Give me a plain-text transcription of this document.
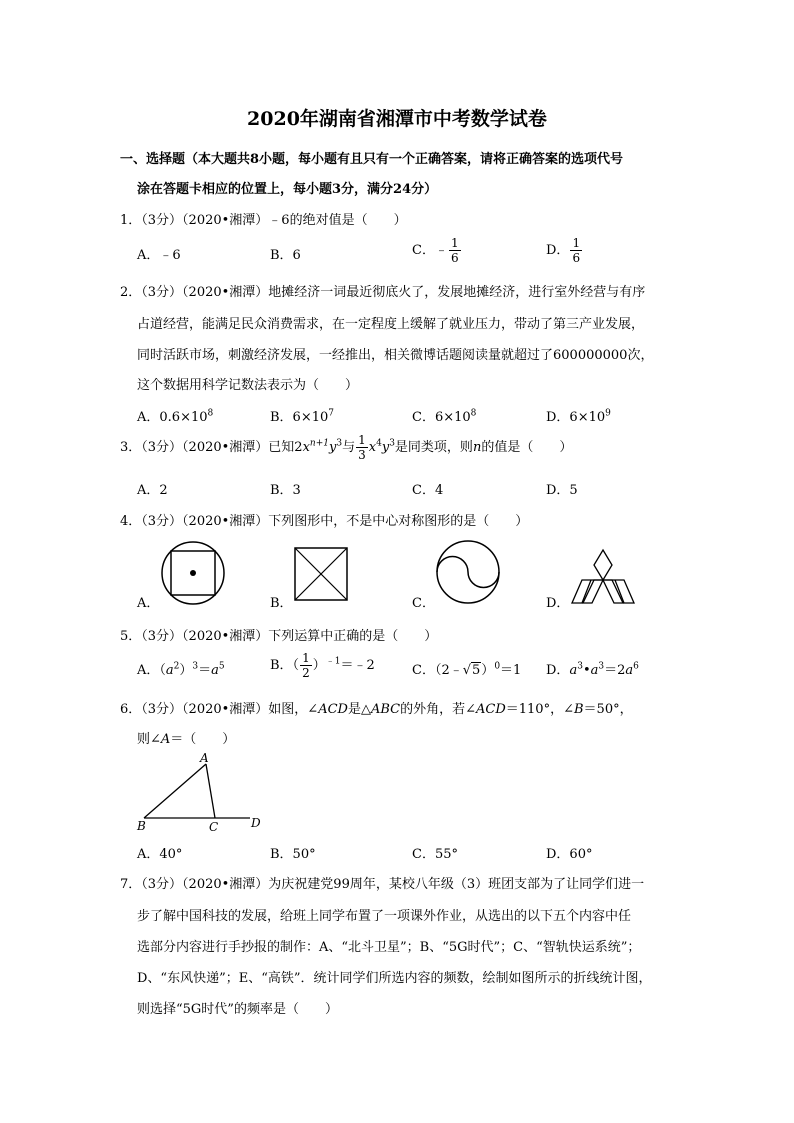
2020年湖南省湘潭市中考数学试卷
一、选择题（本大题共8小题，每小题有且只有一个正确答案，请将正确答案的选项代号
涂在答题卡相应的位置上，每小题3分，满分24分）
1．（3分）（2020•湘潭）﹣6的绝对值是（　　）
A．﹣6	B．6	C．﹣ $\frac{1}{6}$	D． $\frac{1}{6}$
2．（3分）（2020•湘潭）地摊经济一词最近彻底火了，发展地摊经济，进行室外经营与有序
占道经营，能满足民众消费需求，在一定程度上缓解了就业压力，带动了第三产业发展，
同时活跃市场，刺激经济发展，一经推出，相关微博话题阅读量就超过了600000000次，
这个数据用科学记数法表示为（　　）
A．$0.6\times 10^8$	B．$6\times 10^7$	C．$6\times 10^8$	D．$6\times 10^9$
3．（3分）（2020•湘潭）已知$2x^{n+1}y^3$与 $\frac{1}{3} x^4y^3$是同类项，则n的值是（　　）
A．2	B．3	C．4	D．5
4．（3分）（2020•湘潭）下列图形中，不是中心对称图形的是（　　）
A．	B．	C．	D．
5．（3分）（2020•湘潭）下列运算中正确的是（　　）
A．$(a^2)^3=a^5$	B．（ $\frac{1}{2}$ ）$^{﹣1}$＝﹣2	C．（2﹣√5）$^0$＝1 D．$a^3•a^3=2a^6$
6．（3分）（2020•湘潭）如图，∠ACD是△ABC的外角，若∠ACD＝110°，∠B＝50°，
则∠A＝（　　）
A
B	C	D
A．40°	B．50°	C．55°	D．60°
7．（3分）（2020•湘潭）为庆祝建党99周年，某校八年级（3）班团支部为了让同学们进一
步了解中国科技的发展，给班上同学布置了一项课外作业，从选出的以下五个内容中任
选部分内容进行手抄报的制作：A、“北斗卫星”；B、“5G时代”；C、“智轨快运系统”；
D、“东风快递”；E、“高铁”．统计同学们所选内容的频数，绘制如图所示的折线统计图，
则选择“5G时代”的频率是（　　）
